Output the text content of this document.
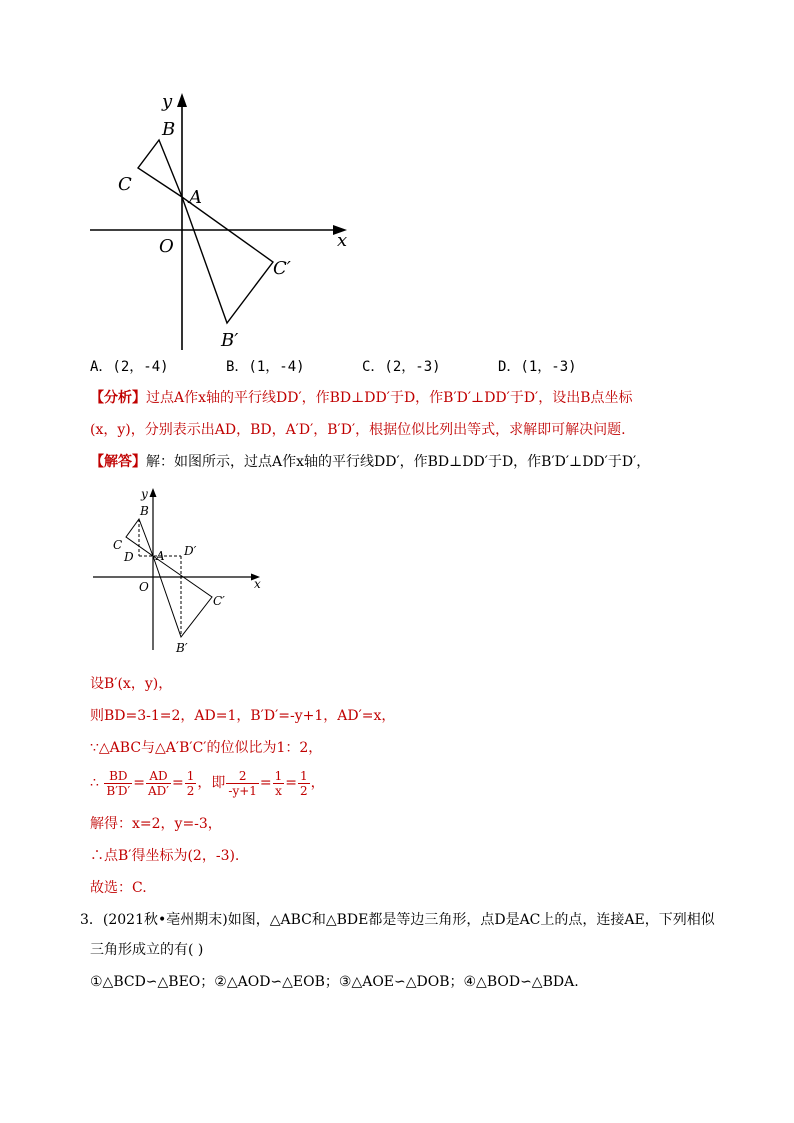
y
x
O
A
B
C
B′
C′
A．(2，-4)	B．(1，-4)	C．(2，-3)	D．(1，-3)
【分析】过点A作x轴的平行线DD′，作BD⊥DD′于D，作B′D′⊥DD′于D′，设出B点坐标
(x，y)，分别表示出AD，BD，A′D′，B′D′，根据位似比列出等式，求解即可解决问题.
【解答】解：如图所示，过点A作x轴的平行线DD′，作BD⊥DD′于D，作B′D′⊥DD′于D′，
y
x
O
A
B
C
D	D′
B′
C′
设B′(x，y)，
则BD=3-1=2，AD=1，B′D′=-y+1，AD′=x，
∵△ABC与△A′B′C′的位似比为1：2，
∴ $\frac{BD}{B'D'} = \frac{AD}{AD'} = \frac{1}{2}$ ，即 $\frac{2}{-y+1} = \frac{1}{x} = \frac{1}{2}$ ，
解得：x=2，y=-3，
∴点B′得坐标为(2，-3).
故选：C.
3．(2021秋•亳州期末)如图，△ABC和△BDE都是等边三角形，点D是AC上的点，连接AE，下列相似
三角形成立的有( )
①△BCD∽△BEO；②△AOD∽△EOB；③△AOE∽△DOB；④△BOD∽△BDA.
